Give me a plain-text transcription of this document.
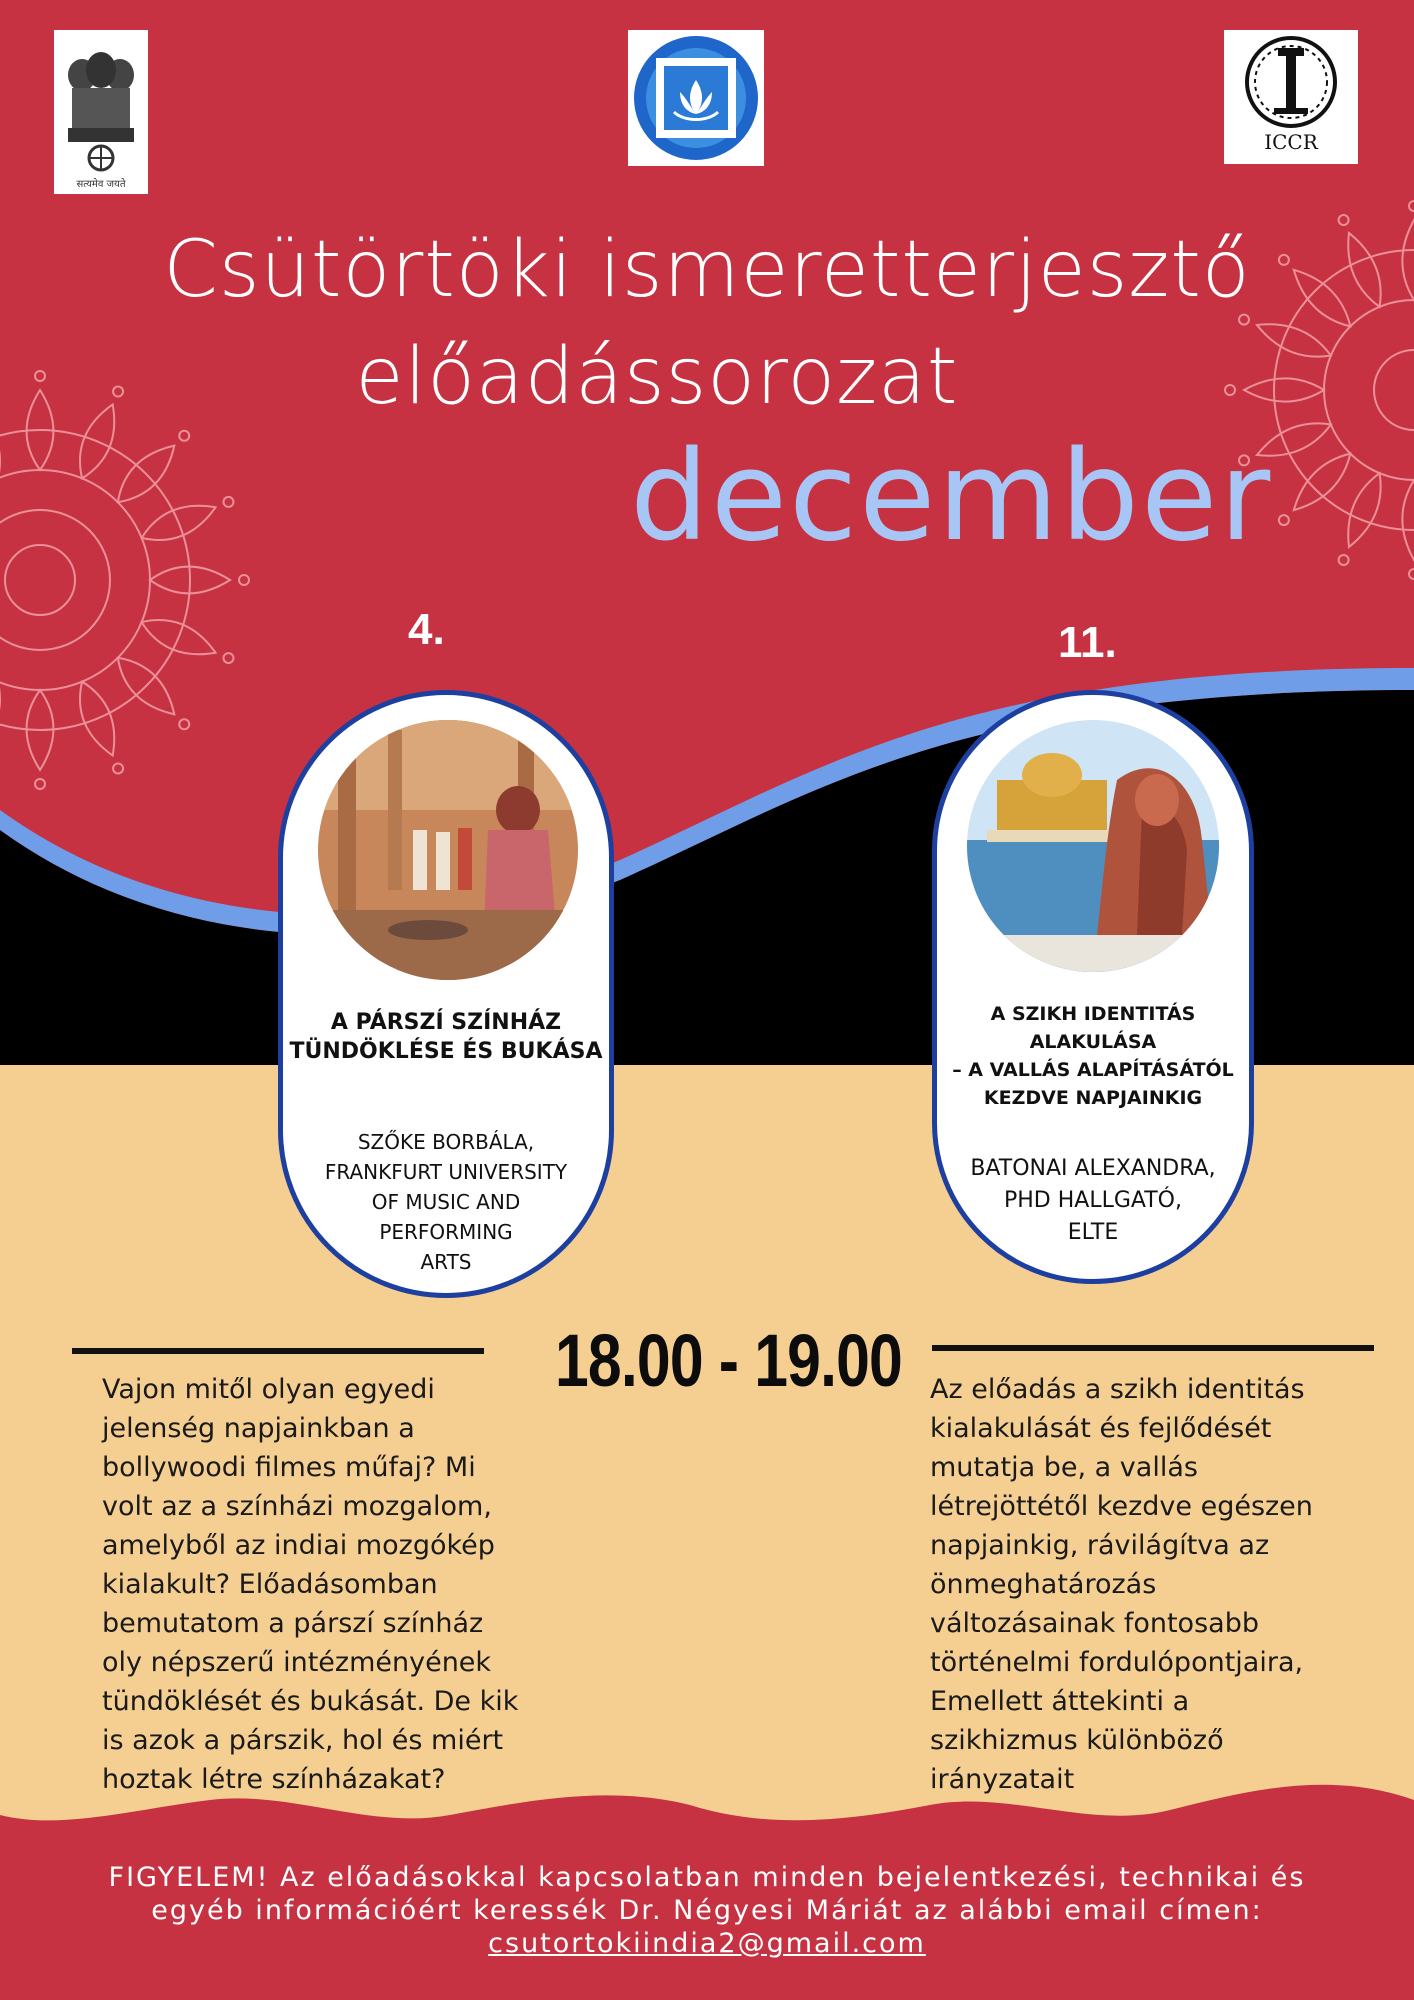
सत्यमेव जयते
ICCR
Csütörtöki ismeretterjesztő
előadássorozat
december
4.	11.
A PÁRSZÍ SZÍNHÁZ
TÜNDÖKLÉSE ÉS BUKÁSA
SZŐKE BORBÁLA,
FRANKFURT UNIVERSITY
OF MUSIC AND
PERFORMING
ARTS
A SZIKH IDENTITÁS
ALAKULÁSA
– A VALLÁS ALAPÍTÁSÁTÓL
KEZDVE NAPJAINKIG
BATONAI ALEXANDRA,
PHD HALLGATÓ,
ELTE
18.00 - 19.00
Vajon mitől olyan egyedi
jelenség napjainkban a
bollywoodi filmes műfaj? Mi
volt az a színházi mozgalom,
amelyből az indiai mozgókép
kialakult? Előadásomban
bemutatom a párszí színház
oly népszerű intézményének
tündöklését és bukását. De kik
is azok a párszik, hol és miért
hoztak létre színházakat?
Az előadás a szikh identitás
kialakulását és fejlődését
mutatja be, a vallás
létrejöttétől kezdve egészen
napjainkig, rávilágítva az
önmeghatározás
változásainak fontosabb
történelmi fordulópontjaira,
Emellett áttekinti a
szikhizmus különböző
irányzatait
FIGYELEM! Az előadásokkal kapcsolatban minden bejelentkezési, technikai és
egyéb információért keressék Dr. Négyesi Máriát az alábbi email címen:
csutortokiindia2@gmail.com
